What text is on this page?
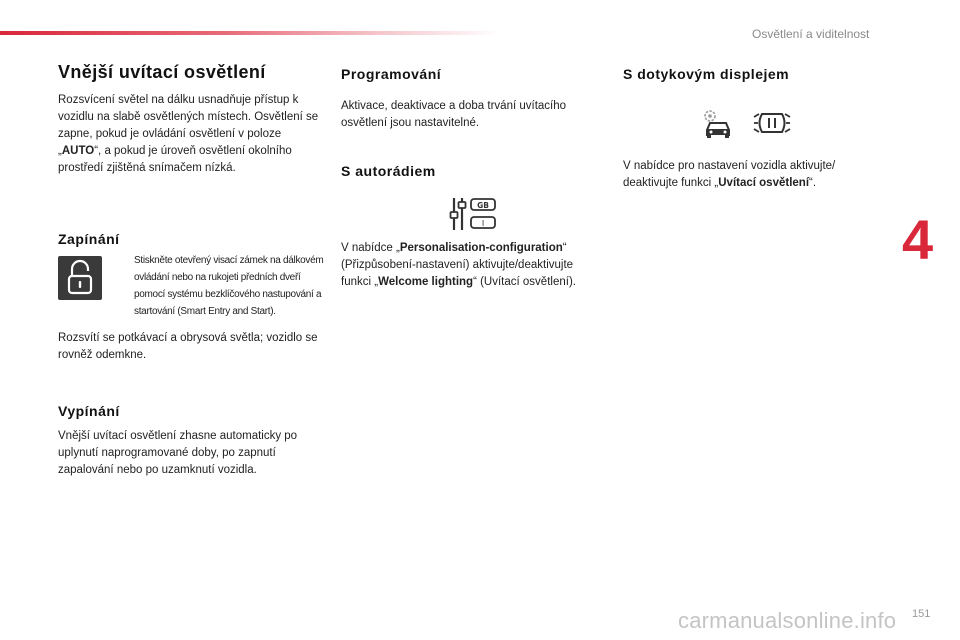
Osvětlení a viditelnost
4
Vnější uvítací osvětlení

Rozsvícení světel na dálku usnadňuje přístup k vozidlu na slabě osvětlených místech. Osvětlení se zapne, pokud je ovládání osvětlení v poloze „AUTO“, a pokud je úroveň osvětlení okolního prostředí zjištěná snímačem nízká.

Zapínání

Stiskněte otevřený visací zámek na dálkovém ovládání nebo na rukojeti předních dveří pomocí systému bezklíčového nastupování a startování (Smart Entry and Start).

Rozsvítí se potkávací a obrysová světla; vozidlo se rovněž odemkne.

Vypínání

Vnější uvítací osvětlení zhasne automaticky po uplynutí naprogramované doby, po zapnutí zapalování nebo po uzamknutí vozidla.

Programování

Aktivace, deaktivace a doba trvání uvítacího osvětlení jsou nastavitelné.

S autorádiem
GB
I

V nabídce „Personalisation-configuration“ (Přizpůsobení-nastavení) aktivujte/deaktivujte funkci „Welcome lighting“ (Uvítací osvětlení).

S dotykovým displejem

V nabídce pro nastavení vozidla aktivujte/ deaktivujte funkci „Uvítací osvětlení“.

carmanualsonline.info 151
